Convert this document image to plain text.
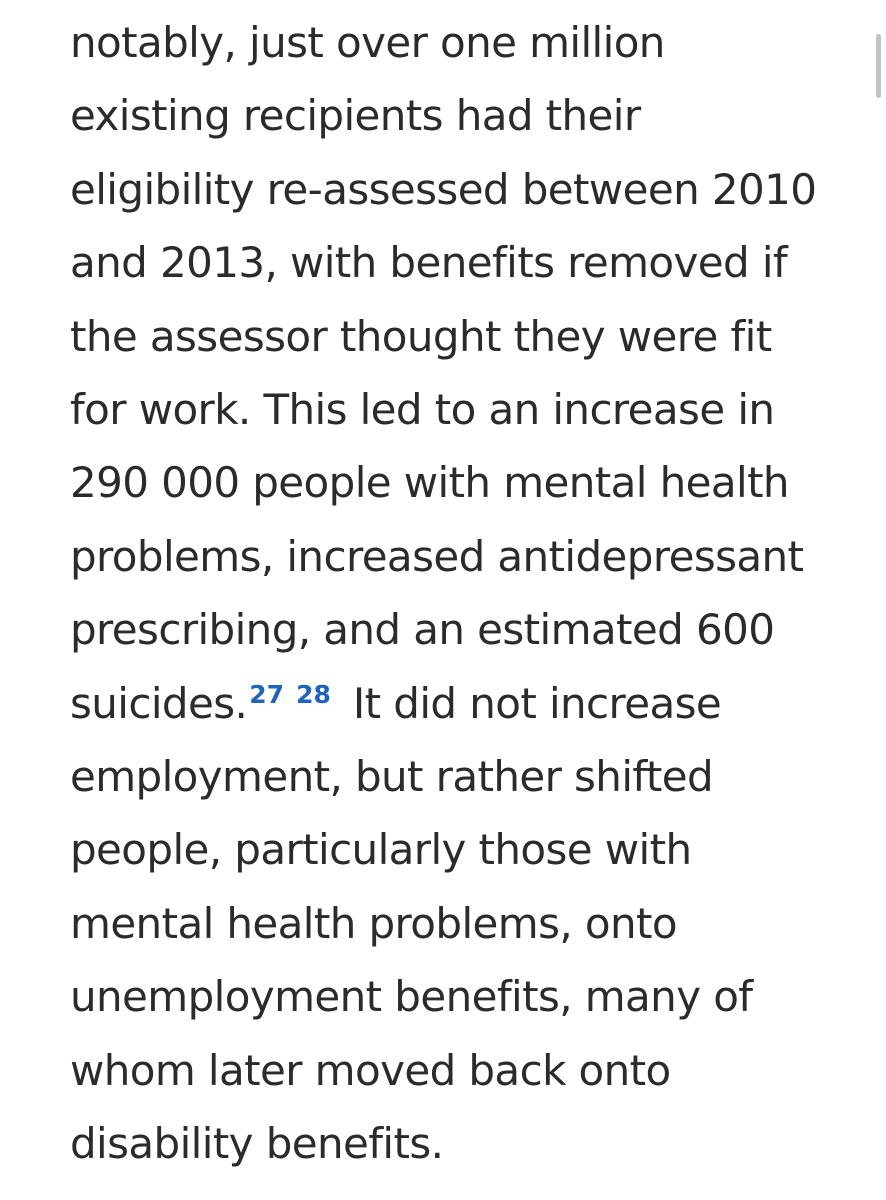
notably, just over one million
existing recipients had their
eligibility re-assessed between 2010
and 2013, with benefits removed if
the assessor thought they were fit
for work. This led to an increase in
290 000 people with mental health
problems, increased antidepressant
prescribing, and an estimated 600
suicides.$^{27}$ $^{28}$ It did not increase
employment, but rather shifted
people, particularly those with
mental health problems, onto
unemployment benefits, many of
whom later moved back onto
disability benefits.
